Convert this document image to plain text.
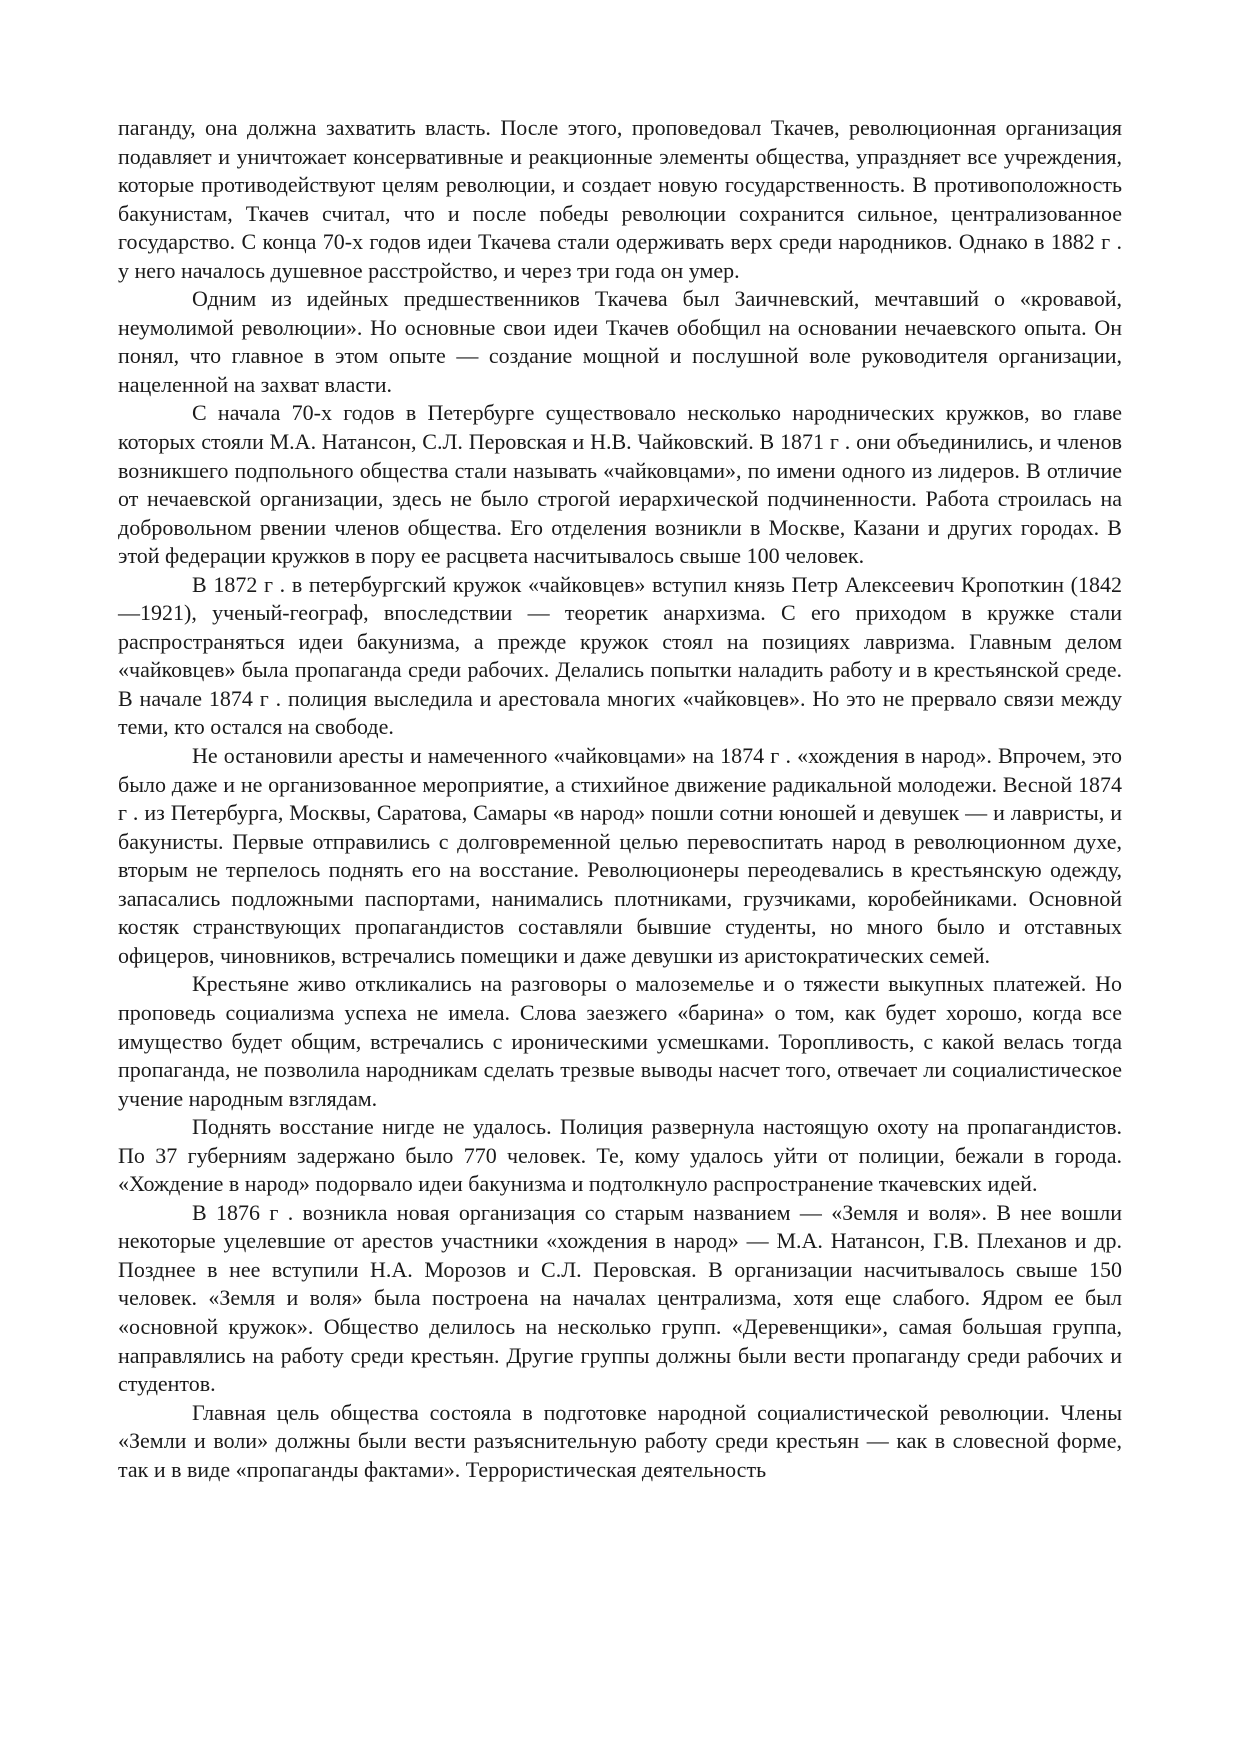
паганду, она должна захватить власть. После этого, проповедовал Ткачев, революционная организация подавляет и уничтожает консервативные и реакционные элементы общества, упраздняет все учреждения, которые противодействуют целям революции, и создает новую государственность. В противоположность бакунистам, Ткачев считал, что и после победы революции сохранится сильное, централизованное государство. С конца 70-х годов идеи Ткачева стали одерживать верх среди народников. Однако в 1882 г . у него началось душевное расстройство, и через три года он умер.

Одним из идейных предшественников Ткачева был Заичневский, мечтавший о «кровавой, неумолимой революции». Но основные свои идеи Ткачев обобщил на основании нечаевского опыта. Он понял, что главное в этом опыте — создание мощной и послушной воле руководителя организации, нацеленной на захват власти.

С начала 70-х годов в Петербурге существовало несколько народнических кружков, во главе которых стояли М.А. Натансон, С.Л. Перовская и Н.В. Чайковский. В 1871 г . они объединились, и членов возникшего подпольного общества стали называть «чайковцами», по имени одного из лидеров. В отличие от нечаевской организации, здесь не было строгой иерархической подчиненности. Работа строилась на добровольном рвении членов общества. Его отделения возникли в Москве, Казани и других городах. В этой федерации кружков в пору ее расцвета насчитывалось свыше 100 человек.

В 1872 г . в петербургский кружок «чайковцев» вступил князь Петр Алексеевич Кропоткин (1842—1921), ученый-географ, впоследствии — теоретик анархизма. С его приходом в кружке стали распространяться идеи бакунизма, а прежде кружок стоял на позициях лавризма. Главным делом «чайковцев» была пропаганда среди рабочих. Делались попытки наладить работу и в крестьянской среде. В начале 1874 г . полиция выследила и арестовала многих «чайковцев». Но это не прервало связи между теми, кто остался на свободе.

Не остановили аресты и намеченного «чайковцами» на 1874 г . «хождения в народ». Впрочем, это было даже и не организованное мероприятие, а стихийное движение радикальной молодежи. Весной 1874 г . из Петербурга, Москвы, Саратова, Самары «в народ» пошли сотни юношей и девушек — и лавристы, и бакунисты. Первые отправились с долговременной целью перевоспитать народ в революционном духе, вторым не терпелось поднять его на восстание. Революционеры переодевались в крестьянскую одежду, запасались подложными паспортами, нанимались плотниками, грузчиками, коробейниками. Основной костяк странствующих пропагандистов составляли бывшие студенты, но много было и отставных офицеров, чиновников, встречались помещики и даже девушки из аристократических семей.

Крестьяне живо откликались на разговоры о малоземелье и о тяжести выкупных платежей. Но проповедь социализма успеха не имела. Слова заезжего «барина» о том, как будет хорошо, когда все имущество будет общим, встречались с ироническими усмешками. Торопливость, с какой велась тогда пропаганда, не позволила народникам сделать трезвые выводы насчет того, отвечает ли социалистическое учение народным взглядам.

Поднять восстание нигде не удалось. Полиция развернула настоящую охоту на пропагандистов. По 37 губерниям задержано было 770 человек. Те, кому удалось уйти от полиции, бежали в города. «Хождение в народ» подорвало идеи бакунизма и подтолкнуло распространение ткачевских идей.

В 1876 г . возникла новая организация со старым названием — «Земля и воля». В нее вошли некоторые уцелевшие от арестов участники «хождения в народ» — М.А. Натансон, Г.В. Плеханов и др. Позднее в нее вступили Н.А. Морозов и С.Л. Перовская. В организации насчитывалось свыше 150 человек. «Земля и воля» была построена на началах централизма, хотя еще слабого. Ядром ее был «основной кружок». Общество делилось на несколько групп. «Деревенщики», самая большая группа, направлялись на работу среди крестьян. Другие группы должны были вести пропаганду среди рабочих и студентов.

Главная цель общества состояла в подготовке народной социалистической революции. Члены «Земли и воли» должны были вести разъяснительную работу среди крестьян — как в словесной форме, так и в виде «пропаганды фактами». Террористическая деятельность
